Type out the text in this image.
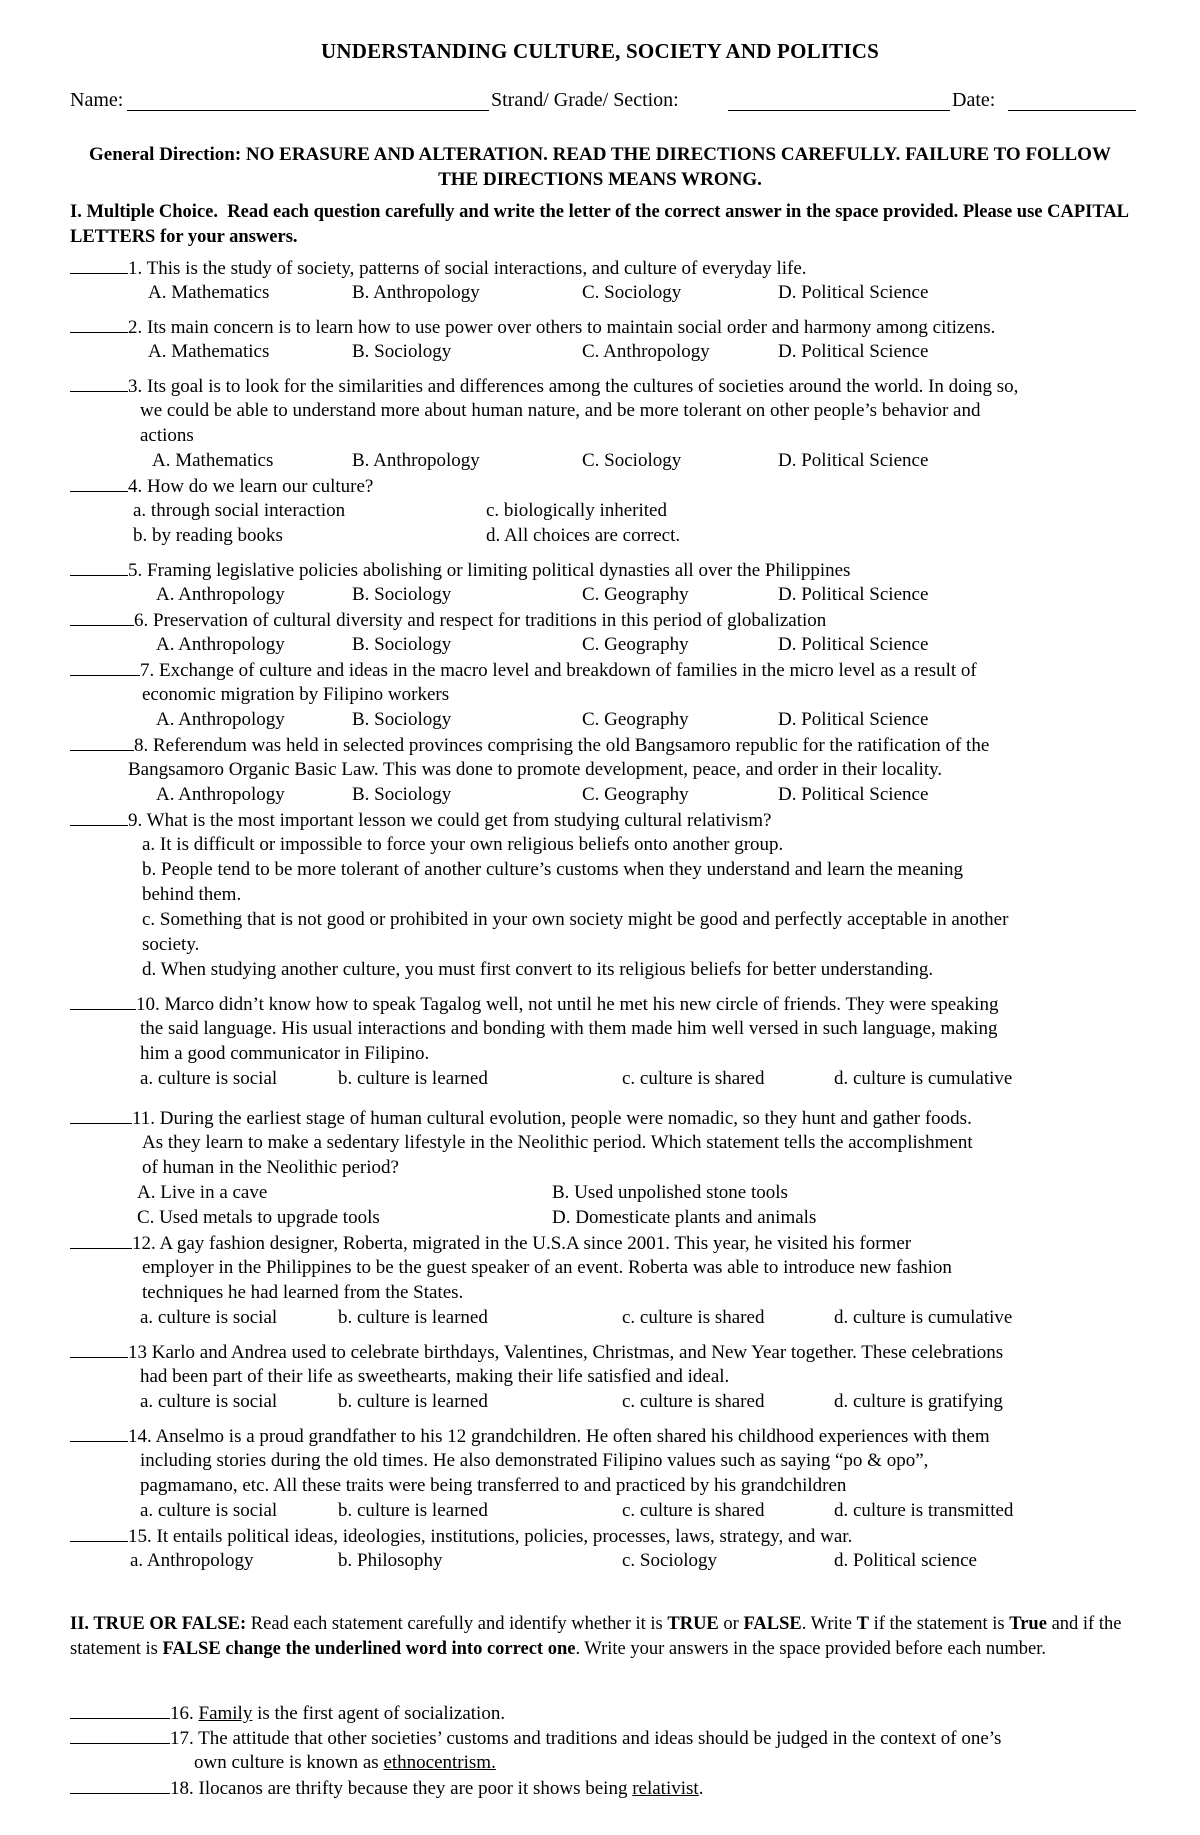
UNDERSTANDING CULTURE, SOCIETY AND POLITICS
Name:	Strand/ Grade/ Section:	Date:
General Direction: NO ERASURE AND ALTERATION. READ THE DIRECTIONS CAREFULLY. FAILURE TO FOLLOW THE DIRECTIONS MEANS WRONG.
I. Multiple Choice. Read each question carefully and write the letter of the correct answer in the space provided. Please use CAPITAL LETTERS for your answers.
1. This is the study of society, patterns of social interactions, and culture of everyday life.
A. Mathematics	B. Anthropology	C. Sociology	D. Political Science
2. Its main concern is to learn how to use power over others to maintain social order and harmony among citizens.
A. Mathematics	B. Sociology	C. Anthropology	D. Political Science
3. Its goal is to look for the similarities and differences among the cultures of societies around the world. In doing so,
we could be able to understand more about human nature, and be more tolerant on other people’s behavior and
actions
A. Mathematics	B. Anthropology	C. Sociology	D. Political Science
4. How do we learn our culture?
a. through social interaction	c. biologically inherited
b. by reading books	d. All choices are correct.
5. Framing legislative policies abolishing or limiting political dynasties all over the Philippines
A. Anthropology	B. Sociology	C. Geography	D. Political Science
6. Preservation of cultural diversity and respect for traditions in this period of globalization
A. Anthropology	B. Sociology	C. Geography	D. Political Science
7. Exchange of culture and ideas in the macro level and breakdown of families in the micro level as a result of
economic migration by Filipino workers
A. Anthropology	B. Sociology	C. Geography	D. Political Science
8. Referendum was held in selected provinces comprising the old Bangsamoro republic for the ratification of the
Bangsamoro Organic Basic Law. This was done to promote development, peace, and order in their locality.
A. Anthropology	B. Sociology	C. Geography	D. Political Science
9. What is the most important lesson we could get from studying cultural relativism?
a. It is difficult or impossible to force your own religious beliefs onto another group.
b. People tend to be more tolerant of another culture’s customs when they understand and learn the meaning
behind them.
c. Something that is not good or prohibited in your own society might be good and perfectly acceptable in another
society.
d. When studying another culture, you must first convert to its religious beliefs for better understanding.
10. Marco didn’t know how to speak Tagalog well, not until he met his new circle of friends. They were speaking
the said language. His usual interactions and bonding with them made him well versed in such language, making
him a good communicator in Filipino.
a. culture is social	b. culture is learned	c. culture is shared	d. culture is cumulative
11. During the earliest stage of human cultural evolution, people were nomadic, so they hunt and gather foods.
As they learn to make a sedentary lifestyle in the Neolithic period. Which statement tells the accomplishment
of human in the Neolithic period?
A. Live in a cave	B. Used unpolished stone tools
C. Used metals to upgrade tools	D. Domesticate plants and animals
12. A gay fashion designer, Roberta, migrated in the U.S.A since 2001. This year, he visited his former
employer in the Philippines to be the guest speaker of an event. Roberta was able to introduce new fashion
techniques he had learned from the States.
a. culture is social	b. culture is learned	c. culture is shared	d. culture is cumulative
13 Karlo and Andrea used to celebrate birthdays, Valentines, Christmas, and New Year together. These celebrations
had been part of their life as sweethearts, making their life satisfied and ideal.
a. culture is social	b. culture is learned	c. culture is shared	d. culture is gratifying
14. Anselmo is a proud grandfather to his 12 grandchildren. He often shared his childhood experiences with them
including stories during the old times. He also demonstrated Filipino values such as saying “po & opo”,
pagmamano, etc. All these traits were being transferred to and practiced by his grandchildren
a. culture is social	b. culture is learned	c. culture is shared	d. culture is transmitted
15. It entails political ideas, ideologies, institutions, policies, processes, laws, strategy, and war.
a. Anthropology	b. Philosophy	c. Sociology	d. Political science
II. TRUE OR FALSE: Read each statement carefully and identify whether it is TRUE or FALSE. Write T if the statement is True and if the statement is FALSE change the underlined word into correct one. Write your answers in the space provided before each number.
16. Family is the first agent of socialization.
17. The attitude that other societies’ customs and traditions and ideas should be judged in the context of one’s
own culture is known as ethnocentrism.
18. Ilocanos are thrifty because they are poor it shows being relativist.
